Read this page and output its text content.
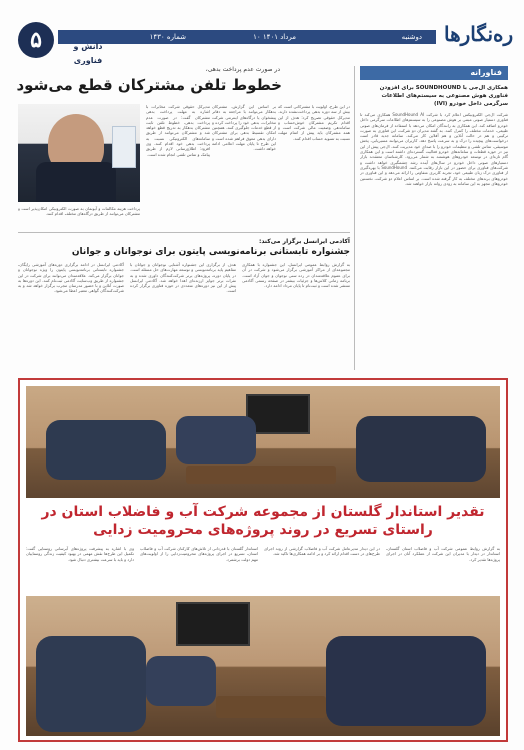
ره‌نگارها
دوشنبه
۱۰ مرداد ۱۴۰۱
شماره ۱۴۳۰
دانش و فناوری
۵
در صورت عدم پرداخت بدهی،
خطوط تلفن مشترکان قطع می‌شود
مدیرکل حقوقی شرکت مخابرات با اشاره به مهلت پرداخت بدهی مشترکان گفت: در صورت عدم پرداخت بدهی، خطوط تلفن ثابت مشترکان بدهکار به تدریج قطع خواهد شد و مشترکان می‌توانند از طریق سامانه‌های الکترونیکی نسبت به پرداخت بدهی خود اقدام کنند. وی افزود: اطلاع‌رسانی لازم از طریق پیامک و تماس تلفنی انجام شده است.
بر اساس این گزارش، مشترکان بدهکار می‌توانند با مراجعه به دفاتر پیشخوان یا درگاه‌های اینترنتی شرکت مخابرات، بدهی خود را پرداخت کرده و از قطع خدمات جلوگیری کنند. همچنین امکان تقسیط بدهی برای مشترکان دارای بدهی معوق فراهم شده است و این طرح تا پایان مهلت اعلامی ادامه خواهد داشت.
در این طرح، اولویت با مشترکانی است که بیش از سه دوره بدهی پرداخت‌نشده دارند. مدیرکل حقوقی تصریح کرد: هدف از این اقدام تکریم مشترکان خوش‌حساب و ساماندهی وضعیت مالی شرکت است و همه مشترکان باید پیش از اتمام مهلت نسبت به تسویه حساب اقدام کنند.
پرداخت هزینه مکالمات و آبونمان به صورت الکترونیکی امکان‌پذیر است و مشترکان می‌توانند از طریق درگاه‌های مختلف اقدام کنند.
آکادمی ایرانسل برگزار می‌کند:
جشنواره تابستانی برنامه‌نویسی پایتون برای نوجوانان و جوانان
آکادمی ایرانسل در ادامه برگزاری دوره‌های آموزشی رایگان، جشنواره تابستانی برنامه‌نویسی پایتون را ویژه نوجوانان و جوانان برگزار می‌کند. علاقه‌مندان می‌توانند برای شرکت در این جشنواره از طریق وب‌سایت آکادمی ثبت‌نام کنند. این دوره‌ها به صورت آنلاین و با حضور مدرسان مجرب برگزار خواهد شد و به شرکت‌کنندگان گواهی معتبر اعطا می‌شود.
هدف از برگزاری این جشنواره آشنایی نوجوانان و جوانان با مفاهیم پایه برنامه‌نویسی و توسعه مهارت‌های حل مسئله است. در پایان دوره، پروژه‌های برتر شرکت‌کنندگان داوری شده و به نفرات برتر جوایز ارزنده‌ای اهدا خواهد شد. آکادمی ایرانسل پیش از این نیز دوره‌های متعددی در حوزه فناوری برگزار کرده است.
به گزارش روابط عمومی ایرانسل، این جشنواره با همکاری مجموعه‌ای از مراکز آموزشی برگزار می‌شود و شرکت در آن برای عموم علاقه‌مندان در رده سنی نوجوان و جوان آزاد است. برنامه زمانی کلاس‌ها و جزئیات بیشتر در صفحه رسمی آکادمی منتشر شده است و ثبت‌نام تا پایان مرداد ادامه دارد.
فناورانه
همکاری ال‌جی با SOUNDHOUND برای افزودن فناوری هوش مصنوعی به سیستم‌های اطلاعات سرگرمی داخل خودرو (IVI)
شرکت ال‌جی الکترونیکس اعلام کرد با شرکت SoundHound AI همکاری می‌کند تا فناوری دستیار صوتی مبتنی بر هوش مصنوعی را به سیستم‌های اطلاعات سرگرمی داخل خودرو اضافه کند. این همکاری به رانندگان امکان می‌دهد با استفاده از فرمان‌های صوتی طبیعی، خدمات مختلف را کنترل کنند. به گفته مدیران دو شرکت، این فناوری به صورت ترکیبی و هم در حالت آنلاین و هم آفلاین کار می‌کند. سامانه جدید قادر است درخواست‌های پیچیده را درک و به سرعت پاسخ دهد. کاربران می‌توانند مسیریابی، پخش موسیقی، تماس تلفنی و تنظیمات خودرو را با صدای خود مدیریت کنند. ال‌جی پیش از این نیز در حوزه قطعات و سامانه‌های خودرو فعالیت گسترده‌ای داشته است و این همکاری گام تازه‌ای در توسعه خودروهای هوشمند به شمار می‌رود. کارشناسان معتقدند بازار دستیارهای صوتی داخل خودرو در سال‌های آینده رشد چشمگیری خواهد داشت و شرکت‌های فناوری برای حضور در این بازار رقابت می‌کنند. SoundHound با بهره‌گیری از فناوری درک زبان طبیعی خود، تجربه کاربری متفاوتی را ارائه می‌دهد و این فناوری در خودروهای برندهای مختلف به کار گرفته شده است. بر اساس اعلام دو شرکت، نخستین خودروهای مجهز به این سامانه به زودی روانه بازار خواهند شد.
تقدیر استاندار گلستان از مجموعه شرکت آب و فاضلاب استان در راستای تسریع در روند پروژه‌های محرومیت زدایی
وی با اشاره به پیشرفت پروژه‌های آبرسانی روستایی گفت: تکمیل این طرح‌ها نقش مهمی در بهبود کیفیت زندگی روستاییان دارد و باید با سرعت بیشتری دنبال شود.
استاندار گلستان با قدردانی از تلاش‌های کارکنان شرکت آب و فاضلاب استان، تسریع در اجرای پروژه‌های محرومیت‌زدایی را از اولویت‌های مهم دولت برشمرد.
در این دیدار مدیرعامل شرکت آب و فاضلاب گزارشی از روند اجرای طرح‌های در دست اقدام ارائه کرد و بر ادامه همکاری‌ها تاکید شد.
به گزارش روابط عمومی شرکت آب و فاضلاب استان گلستان، استاندار در دیدار با مدیران این شرکت از عملکرد آنان در اجرای پروژه‌ها تقدیر کرد.
